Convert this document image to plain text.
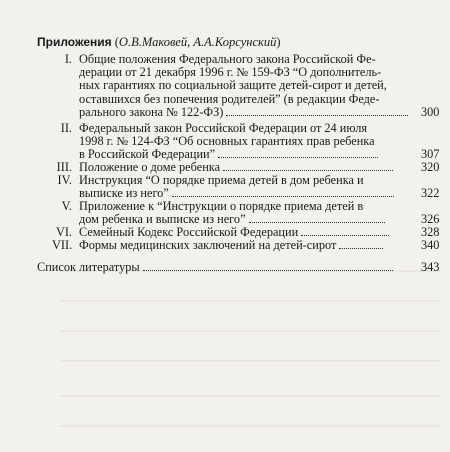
Приложения (О.В.Маковей, А.А.Корсунский)
I. Общие положения Федерального закона Российской Фе-
дерации от 21 декабря 1996 г. № 159-ФЗ “О дополнитель-
ных гарантиях по социальной защите детей-сирот и детей,
оставшихся без попечения родителей” (в редакции Феде-
рального закона № 122-ФЗ)	300
II. Федеральный закон Российской Федерации от 24 июля
1998 г. № 124-ФЗ “Об основных гарантиях прав ребенка
в Российской Федерации”	307
III. Положение о доме ребенка	320
IV. Инструкция “О порядке приема детей в дом ребенка и
выписке из него”	322
V. Приложение к “Инструкции о порядке приема детей в
дом ребенка и выписке из него”	326
VI. Семейный Кодекс Российской Федерации	328
VII. Формы медицинских заключений на детей-сирот	340
Список литературы	343
